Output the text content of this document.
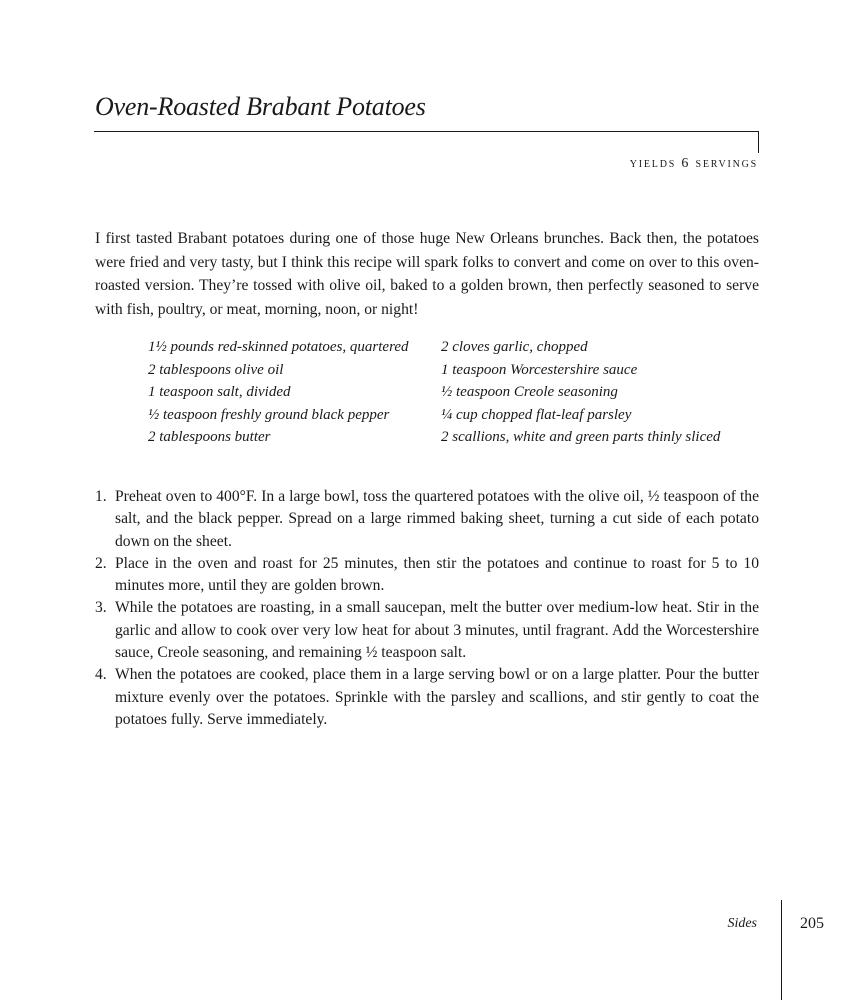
Oven-Roasted Brabant Potatoes
yields 6 servings

I first tasted Brabant potatoes during one of those huge New Orleans brunches. Back then, the potatoes were fried and very tasty, but I think this recipe will spark folks to convert and come on over to this oven-roasted version. They’re tossed with olive oil, baked to a golden brown, then perfectly seasoned to serve with fish, poultry, or meat, morning, noon, or night!

1½ pounds red-skinned potatoes, quartered
2 tablespoons olive oil
1 teaspoon salt, divided
½ teaspoon freshly ground black pepper
2 tablespoons butter
2 cloves garlic, chopped
1 teaspoon Worcestershire sauce
½ teaspoon Creole seasoning
¼ cup chopped flat-leaf parsley
2 scallions, white and green parts thinly sliced
1. Preheat oven to 400°F. In a large bowl, toss the quartered potatoes with the olive oil, ½ teaspoon of the salt, and the black pepper. Spread on a large rimmed baking sheet, turning a cut side of each potato down on the sheet.
2. Place in the oven and roast for 25 minutes, then stir the potatoes and continue to roast for 5 to 10 minutes more, until they are golden brown.
3. While the potatoes are roasting, in a small saucepan, melt the butter over medium-low heat. Stir in the garlic and allow to cook over very low heat for about 3 minutes, until fragrant. Add the Worcestershire sauce, Creole seasoning, and remaining ½ teaspoon salt.
4. When the potatoes are cooked, place them in a large serving bowl or on a large platter. Pour the butter mixture evenly over the potatoes. Sprinkle with the parsley and scallions, and stir gently to coat the potatoes fully. Serve immediately.
Sides	205
